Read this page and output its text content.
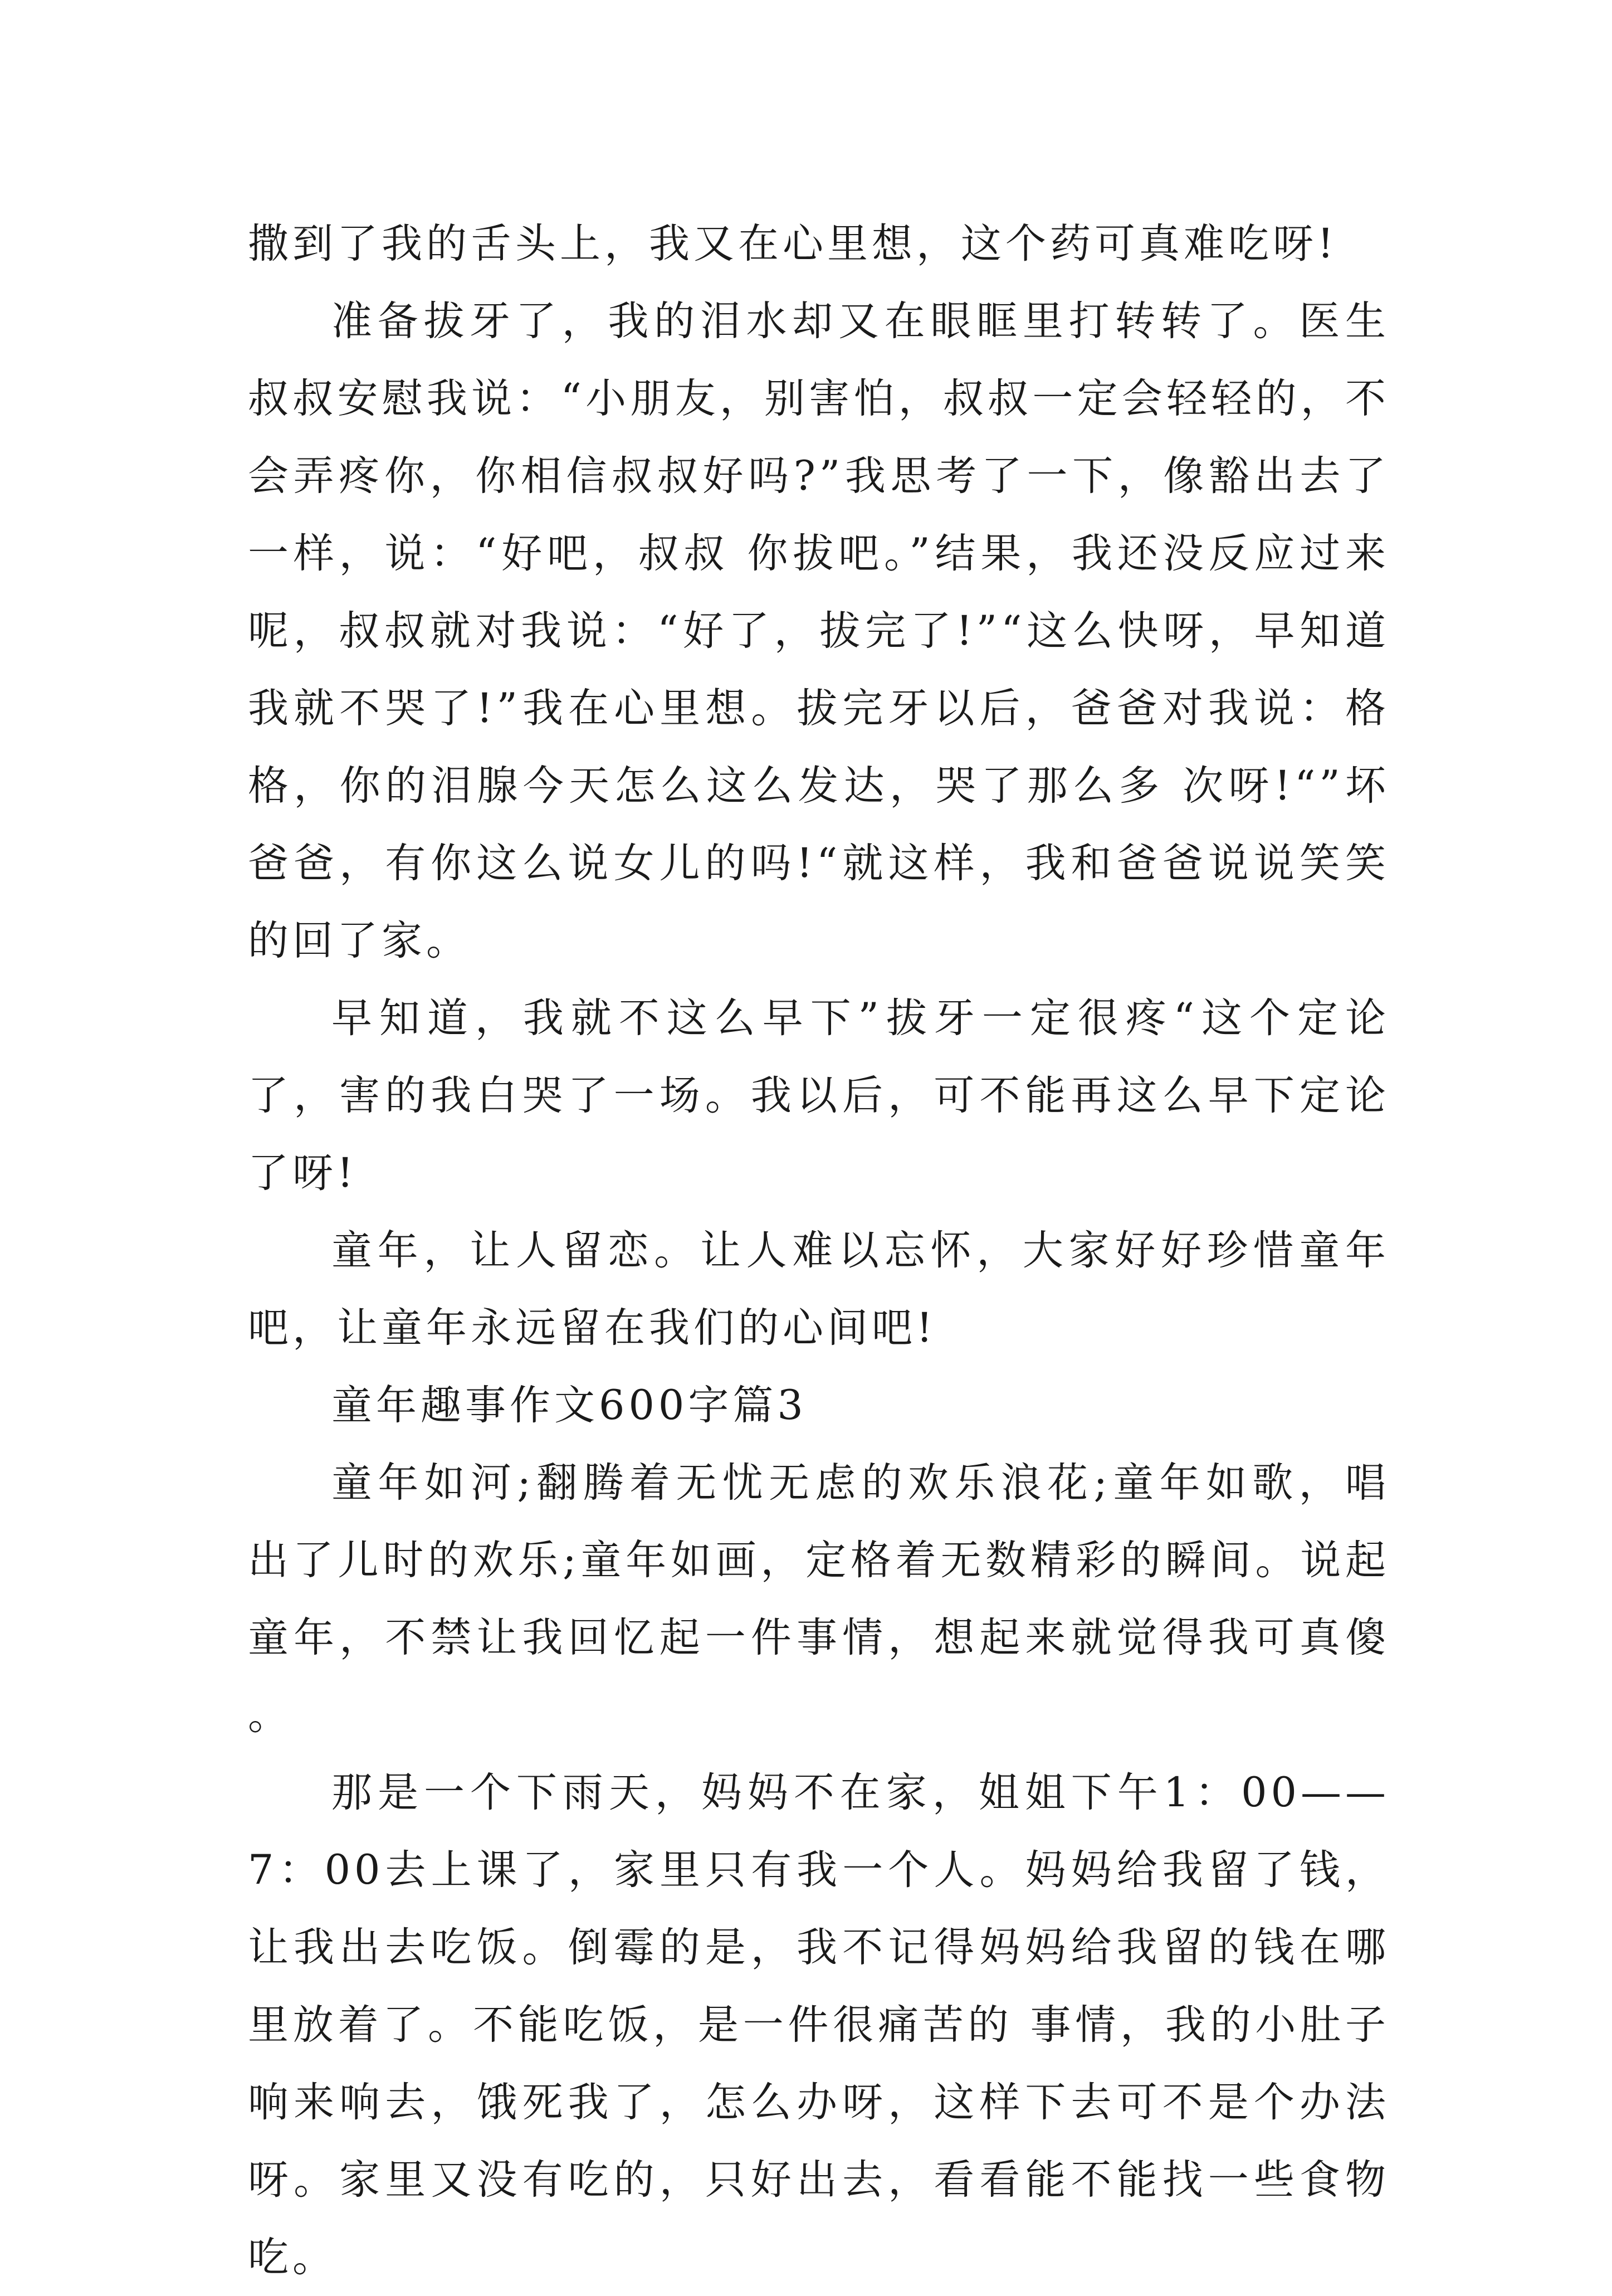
撒到了我的舌头上，我又在心里想，这个药可真难吃呀!

准备拔牙了，我的泪水却又在眼眶里打转转了。医生叔叔安慰我说：“小朋友，别害怕，叔叔一定会轻轻的，不会弄疼你，你相信叔叔好吗?”我思考了一下，像豁出去了一样，说：“好吧，叔叔 你拔吧。”结果，我还没反应过来呢，叔叔就对我说：“好了，拔完了!”“这么快呀，早知道我就不哭了!”我在心里想。拔完牙以后，爸爸对我说：格格，你的泪腺今天怎么这么发达，哭了那么多 次呀!“”坏爸爸，有你这么说女儿的吗!“就这样，我和爸爸说说笑笑的回了家。

早知道，我就不这么早下”拔牙一定很疼“这个定论了，害的我白哭了一场。我以后，可不能再这么早下定论了呀!

童年，让人留恋。让人难以忘怀，大家好好珍惜童年吧，让童年永远留在我们的心间吧!

童年趣事作文600字篇3

童年如河;翻腾着无忧无虑的欢乐浪花;童年如歌，唱出了儿时的欢乐;童年如画，定格着无数精彩的瞬间。说起童年，不禁让我回忆起一件事情，想起来就觉得我可真傻 。

那是一个下雨天，妈妈不在家，姐姐下午1：00——7：00去上课了，家里只有我一个人。妈妈给我留了钱，让我出去吃饭。倒霉的是，我不记得妈妈给我留的钱在哪里放着了。不能吃饭，是一件很痛苦的 事情，我的小肚子响来响去，饿死我了，怎么办呀，这样下去可不是个办法呀。家里又没有吃的，只好出去，看看能不能找一些食物吃。
